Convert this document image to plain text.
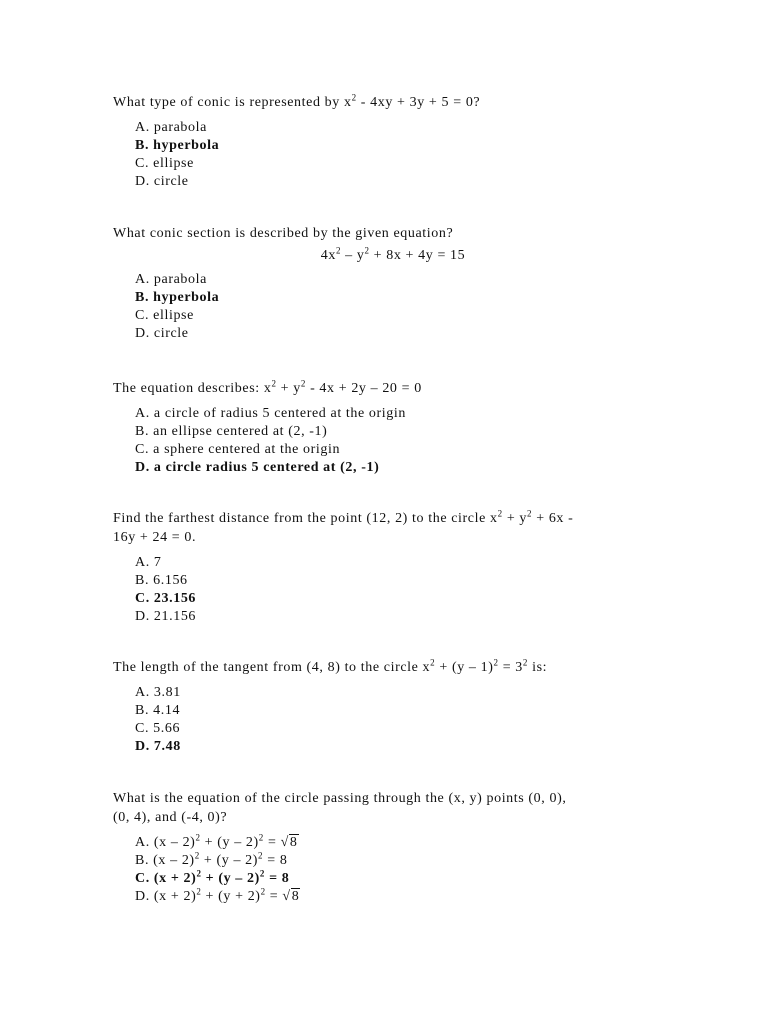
What type of conic is represented by $x^2 - 4xy + 3y + 5 = 0$?
A. parabola
B. hyperbola
C. ellipse
D. circle
What conic section is described by the given equation?
$4x^2 - y^2 + 8x + 4y = 15$
A. parabola
B. hyperbola
C. ellipse
D. circle
The equation describes: $x^2 + y^2 - 4x + 2y - 20 = 0$
A. a circle of radius 5 centered at the origin
B. an ellipse centered at (2, -1)
C. a sphere centered at the origin
D. a circle radius 5 centered at (2, -1)
Find the farthest distance from the point (12, 2) to the circle $x^2 + y^2 + 6x$ -
16y + 24 = 0.
A. 7
B. 6.156
C. 23.156
D. 21.156
The length of the tangent from (4, 8) to the circle $x^2 + (y - 1)^2 = 3^2$ is:
A. 3.81
B. 4.14
C. 5.66
D. 7.48
What is the equation of the circle passing through the (x, y) points (0, 0),
(0, 4), and (-4, 0)?
A. (x – 2)$^2$ + (y – 2)$^2$ = √8
B. (x – 2)$^2$ + (y – 2)$^2$ = 8
C. $(x + 2)^2 + (y - 2)^2 = 8$
D. $(x + 2)^2 + (y + 2)^2 = √8$
